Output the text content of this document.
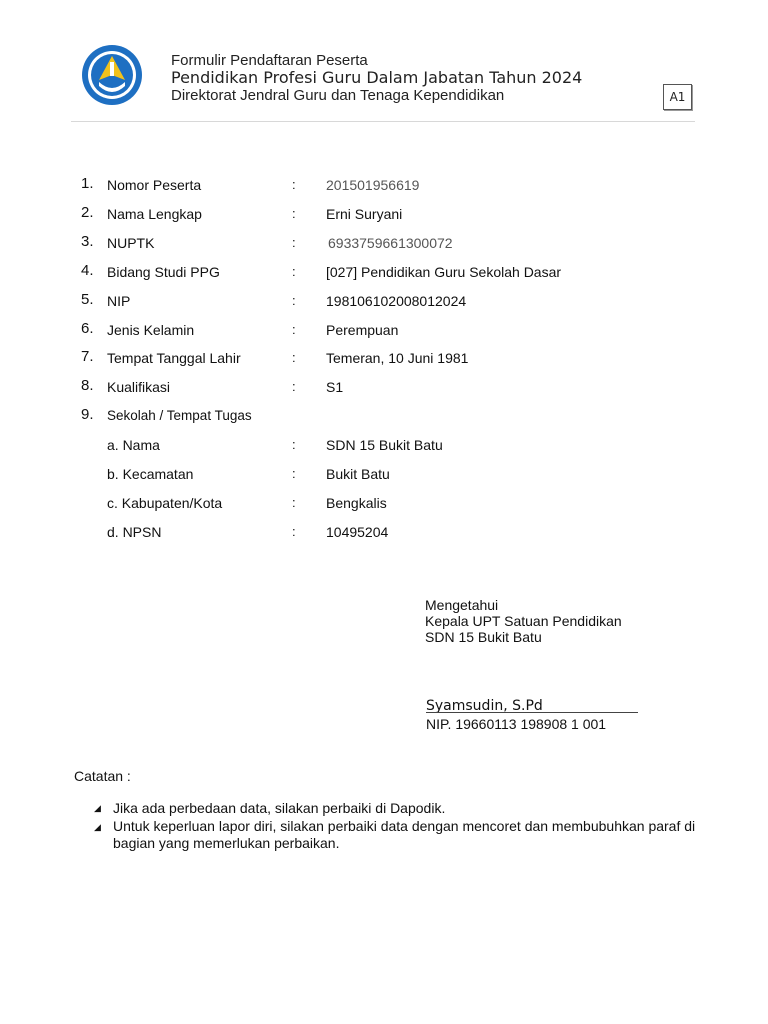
Formulir Pendaftaran Peserta
Pendidikan Profesi Guru Dalam Jabatan Tahun 2024
Direktorat Jendral Guru dan Tenaga Kependidikan	A1
1. Nomor Peserta	: 201501956619
2. Nama Lengkap	: Erni Suryani
3. NUPTK	: 6933759661300072
4. Bidang Studi PPG	: [027] Pendidikan Guru Sekolah Dasar
5. NIP	: 198106102008012024
6. Jenis Kelamin	: Perempuan
7. Tempat Tanggal Lahir	: Temeran, 10 Juni 1981
8. Kualifikasi	: S1
9. Sekolah / Tempat Tugas
a. Nama	: SDN 15 Bukit Batu
b. Kecamatan	: Bukit Batu
c. Kabupaten/Kota	: Bengkalis
d. NPSN	: 10495204
Mengetahui
Kepala UPT Satuan Pendidikan
SDN 15 Bukit Batu
Syamsudin, S.Pd
NIP. 19660113 198908 1 001
Catatan :
◢ Jika ada perbedaan data, silakan perbaiki di Dapodik.
◢ Untuk keperluan lapor diri, silakan perbaiki data dengan mencoret dan membubuhkan paraf di bagian yang memerlukan perbaikan.
